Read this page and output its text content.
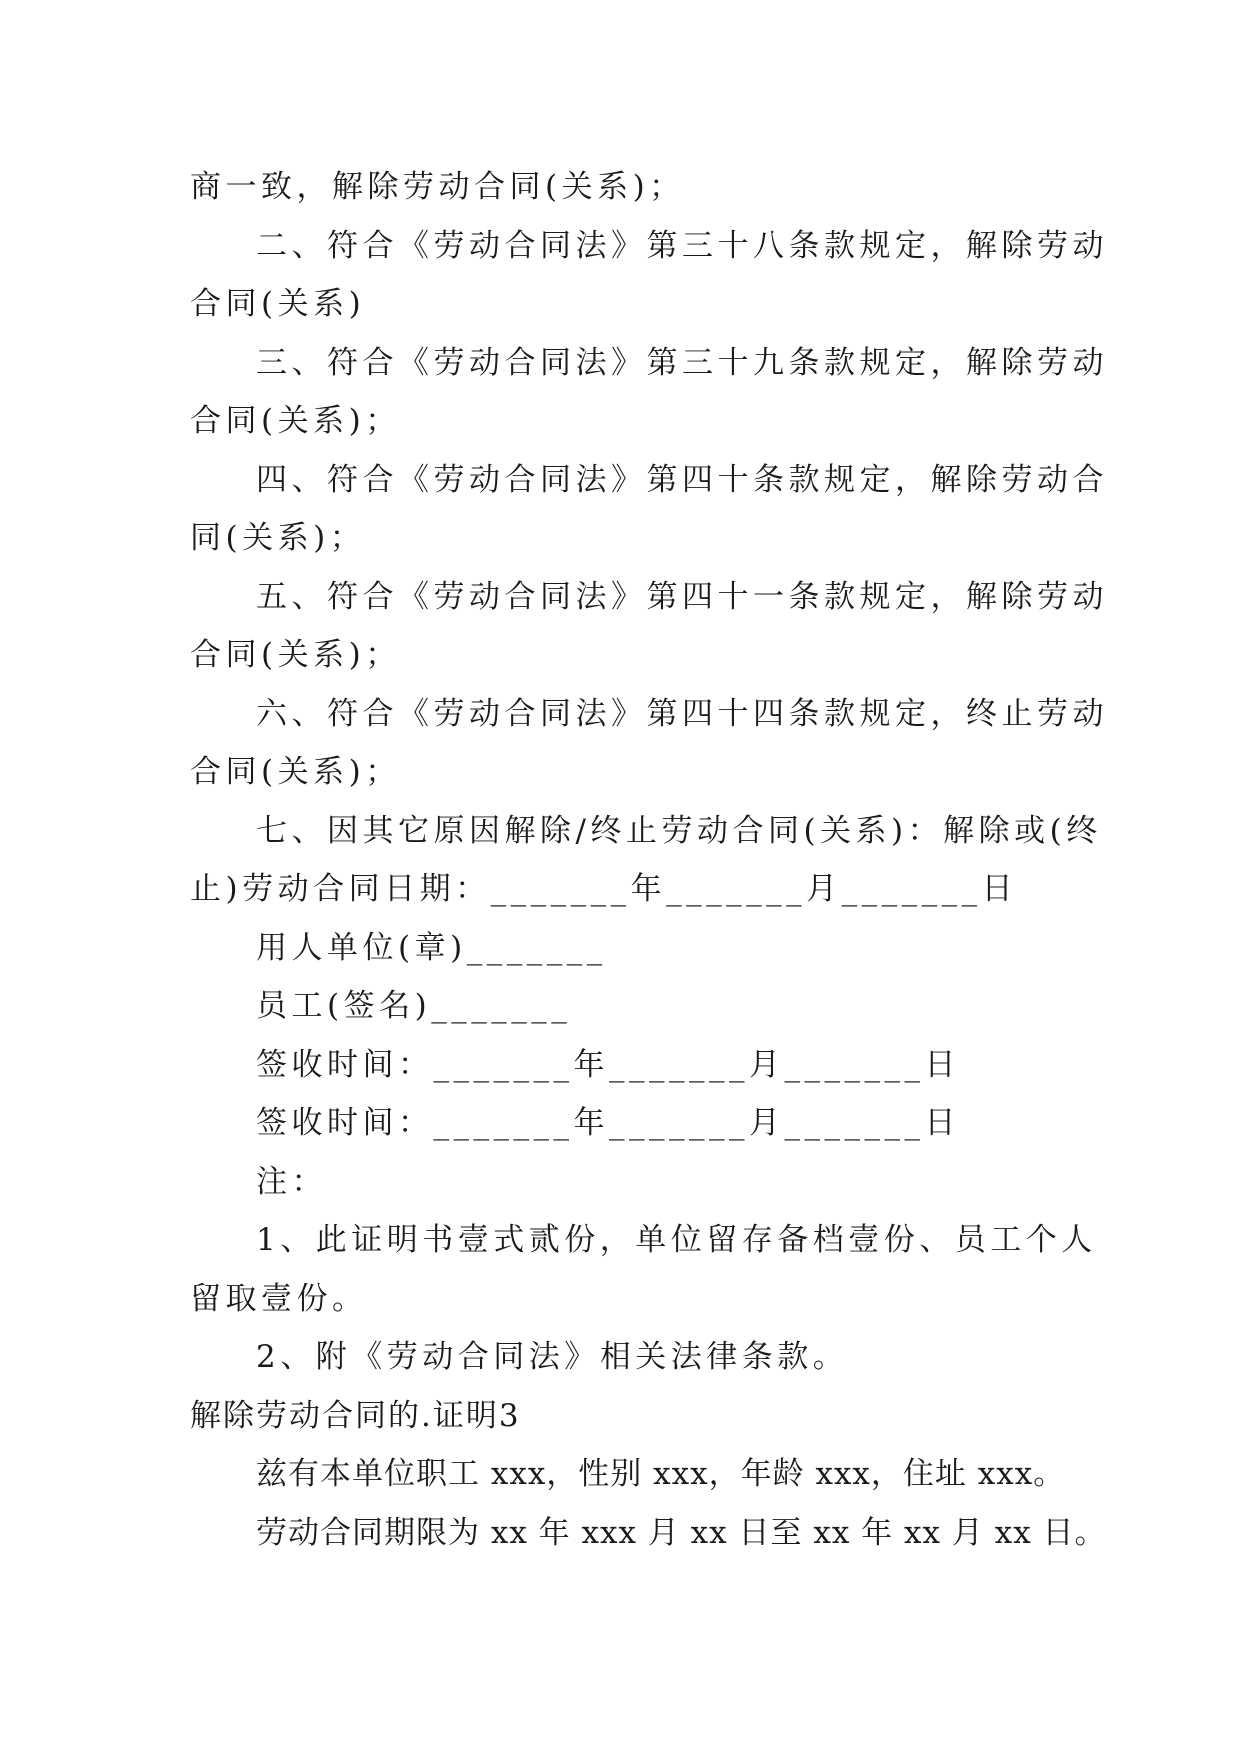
商一致，解除劳动合同(关系)；
二、符合《劳动合同法》第三十八条款规定，解除劳动
合同(关系)
三、符合《劳动合同法》第三十九条款规定，解除劳动
合同(关系)；
四、符合《劳动合同法》第四十条款规定，解除劳动合
同(关系)；
五、符合《劳动合同法》第四十一条款规定，解除劳动
合同(关系)；
六、符合《劳动合同法》第四十四条款规定，终止劳动
合同(关系)；
七、因其它原因解除/终止劳动合同(关系)：解除或(终
止)劳动合同日期：_______年_______月_______日
用人单位(章)_______
员工(签名)_______
签收时间：_______年_______月_______日
签收时间：_______年_______月_______日
注：
1、此证明书壹式贰份，单位留存备档壹份、员工个人
留取壹份。
2、附《劳动合同法》相关法律条款。
解除劳动合同的.证明3
兹有本单位职工 xxx，性别 xxx，年龄 xxx，住址 xxx。
劳动合同期限为 xx 年 xxx 月 xx 日至 xx 年 xx 月 xx 日。
